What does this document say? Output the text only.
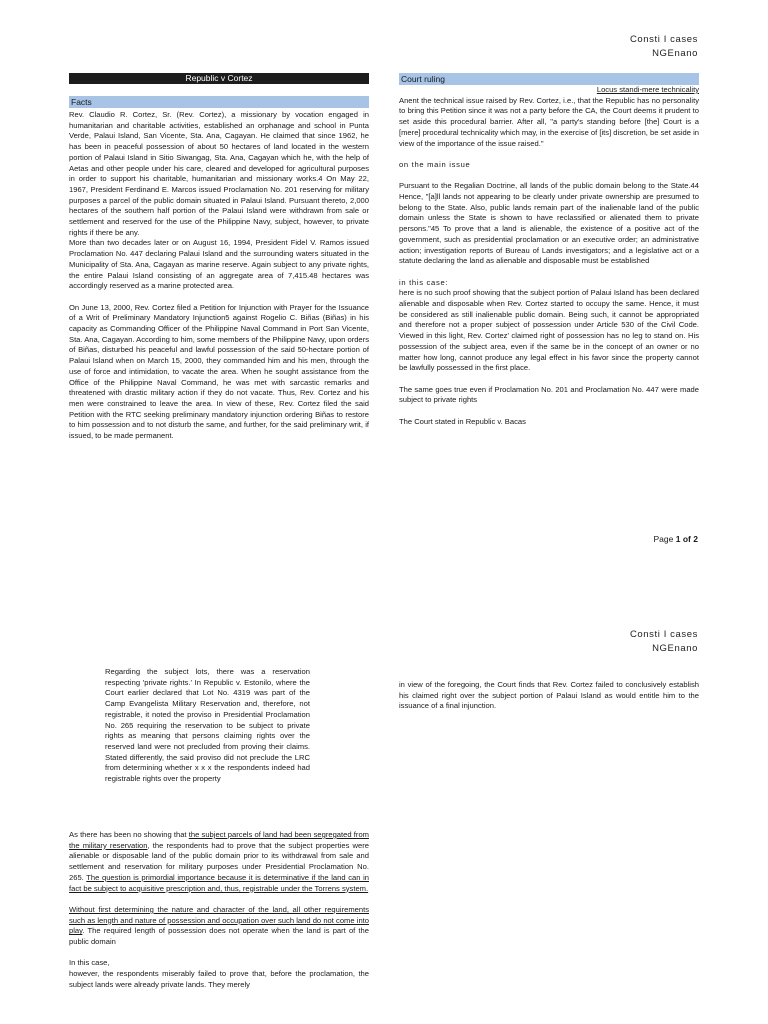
Consti I cases
NGEnano
Republic v Cortez
Facts

Rev. Claudio R. Cortez, Sr. (Rev. Cortez), a missionary by vocation engaged in humanitarian and charitable activities, established an orphanage and school in Punta Verde, Palaui Island, San Vicente, Sta. Ana, Cagayan. He claimed that since 1962, he has been in peaceful possession of about 50 hectares of land located in the western portion of Palaui Island in Sitio Siwangag, Sta. Ana, Cagayan which he, with the help of Aetas and other people under his care, cleared and developed for agricultural purposes in order to support his charitable, humanitarian and missionary works.4 On May 22, 1967, President Ferdinand E. Marcos issued Proclamation No. 201 reserving for military purposes a parcel of the public domain situated in Palaui Island. Pursuant thereto, 2,000 hectares of the southern half portion of the Palaui Island were withdrawn from sale or settlement and reserved for the use of the Philippine Navy, subject, however, to private rights if there be any.

More than two decades later or on August 16, 1994, President Fidel V. Ramos issued Proclamation No. 447 declaring Palaui Island and the surrounding waters situated in the Municipality of Sta. Ana, Cagayan as marine reserve. Again subject to any private rights, the entire Palaui Island consisting of an aggregate area of 7,415.48 hectares was accordingly reserved as a marine protected area.

On June 13, 2000, Rev. Cortez filed a Petition for Injunction with Prayer for the Issuance of a Writ of Preliminary Mandatory Injunction5 against Rogelio C. Biñas (Biñas) in his capacity as Commanding Officer of the Philippine Naval Command in Port San Vicente, Sta. Ana, Cagayan. According to him, some members of the Philippine Navy, upon orders of Biñas, disturbed his peaceful and lawful possession of the said 50-hectare portion of Palaui Island when on March 15, 2000, they commanded him and his men, through the use of force and intimidation, to vacate the area. When he sought assistance from the Office of the Philippine Naval Command, he was met with sarcastic remarks and threatened with drastic military action if they do not vacate. Thus, Rev. Cortez and his men were constrained to leave the area. In view of these, Rev. Cortez filed the said Petition with the RTC seeking preliminary mandatory injunction ordering Biñas to restore to him possession and to not disturb the same, and further, for the said preliminary writ, if issued, to be made permanent.

Court ruling

Locus standi-mere technicality

Anent the technical issue raised by Rev. Cortez, i.e., that the Republic has no personality to bring this Petition since it was not a party before the CA, the Court deems it prudent to set aside this procedural barrier. After all, "a party's standing before [the] Court is a [mere] procedural technicality which may, in the exercise of [its] discretion, be set aside in view of the importance of the issue raised."

on the main issue

Pursuant to the Regalian Doctrine, all lands of the public domain belong to the State.44 Hence, "[a]ll lands not appearing to be clearly under private ownership are presumed to belong to the State. Also, public lands remain part of the inalienable land of the public domain unless the State is shown to have reclassified or alienated them to private persons."45 To prove that a land is alienable, the existence of a positive act of the government, such as presidential proclamation or an executive order; an administrative action; investigation reports of Bureau of Lands investigators; and a legislative act or a statute declaring the land as alienable and disposable must be established

in this case:

here is no such proof showing that the subject portion of Palaui Island has been declared alienable and disposable when Rev. Cortez started to occupy the same. Hence, it must be considered as still inalienable public domain. Being such, it cannot be appropriated and therefore not a proper subject of possession under Article 530 of the Civil Code. Viewed in this light, Rev. Cortez' claimed right of possession has no leg to stand on. His possession of the subject area, even if the same be in the concept of an owner or no matter how long, cannot produce any legal effect in his favor since the property cannot be lawfully possessed in the first place.

The same goes true even if Proclamation No. 201 and Proclamation No. 447 were made subject to private rights

The Court stated in Republic v. Bacas

Page 1 of 2
Consti I cases
NGEnano

Regarding the subject lots, there was a reservation respecting 'private rights.' In Republic v. Estonilo, where the Court earlier declared that Lot No. 4319 was part of the Camp Evangelista Military Reservation and, therefore, not registrable, it noted the proviso in Presidential Proclamation No. 265 requiring the reservation to be subject to private rights as meaning that persons claiming rights over the reserved land were not precluded from proving their claims. Stated differently, the said proviso did not preclude the LRC from determining whether x x x the respondents indeed had registrable rights over the property

As there has been no showing that the subject parcels of land had been segregated from the military reservation, the respondents had to prove that the subject properties were alienable or disposable land of the public domain prior to its withdrawal from sale and settlement and reservation for military purposes under Presidential Proclamation No. 265. The question is primordial importance because it is determinative if the land can in fact be subject to acquisitive prescription and, thus, registrable under the Torrens system.

Without first determining the nature and character of the land, all other requirements such as length and nature of possession and occupation over such land do not come into play. The required length of possession does not operate when the land is part of the public domain

In this case,

however, the respondents miserably failed to prove that, before the proclamation, the subject lands were already private lands. They merely

in view of the foregoing, the Court finds that Rev. Cortez failed to conclusively establish his claimed right over the subject portion of Palaui Island as would entitle him to the issuance of a final injunction.
